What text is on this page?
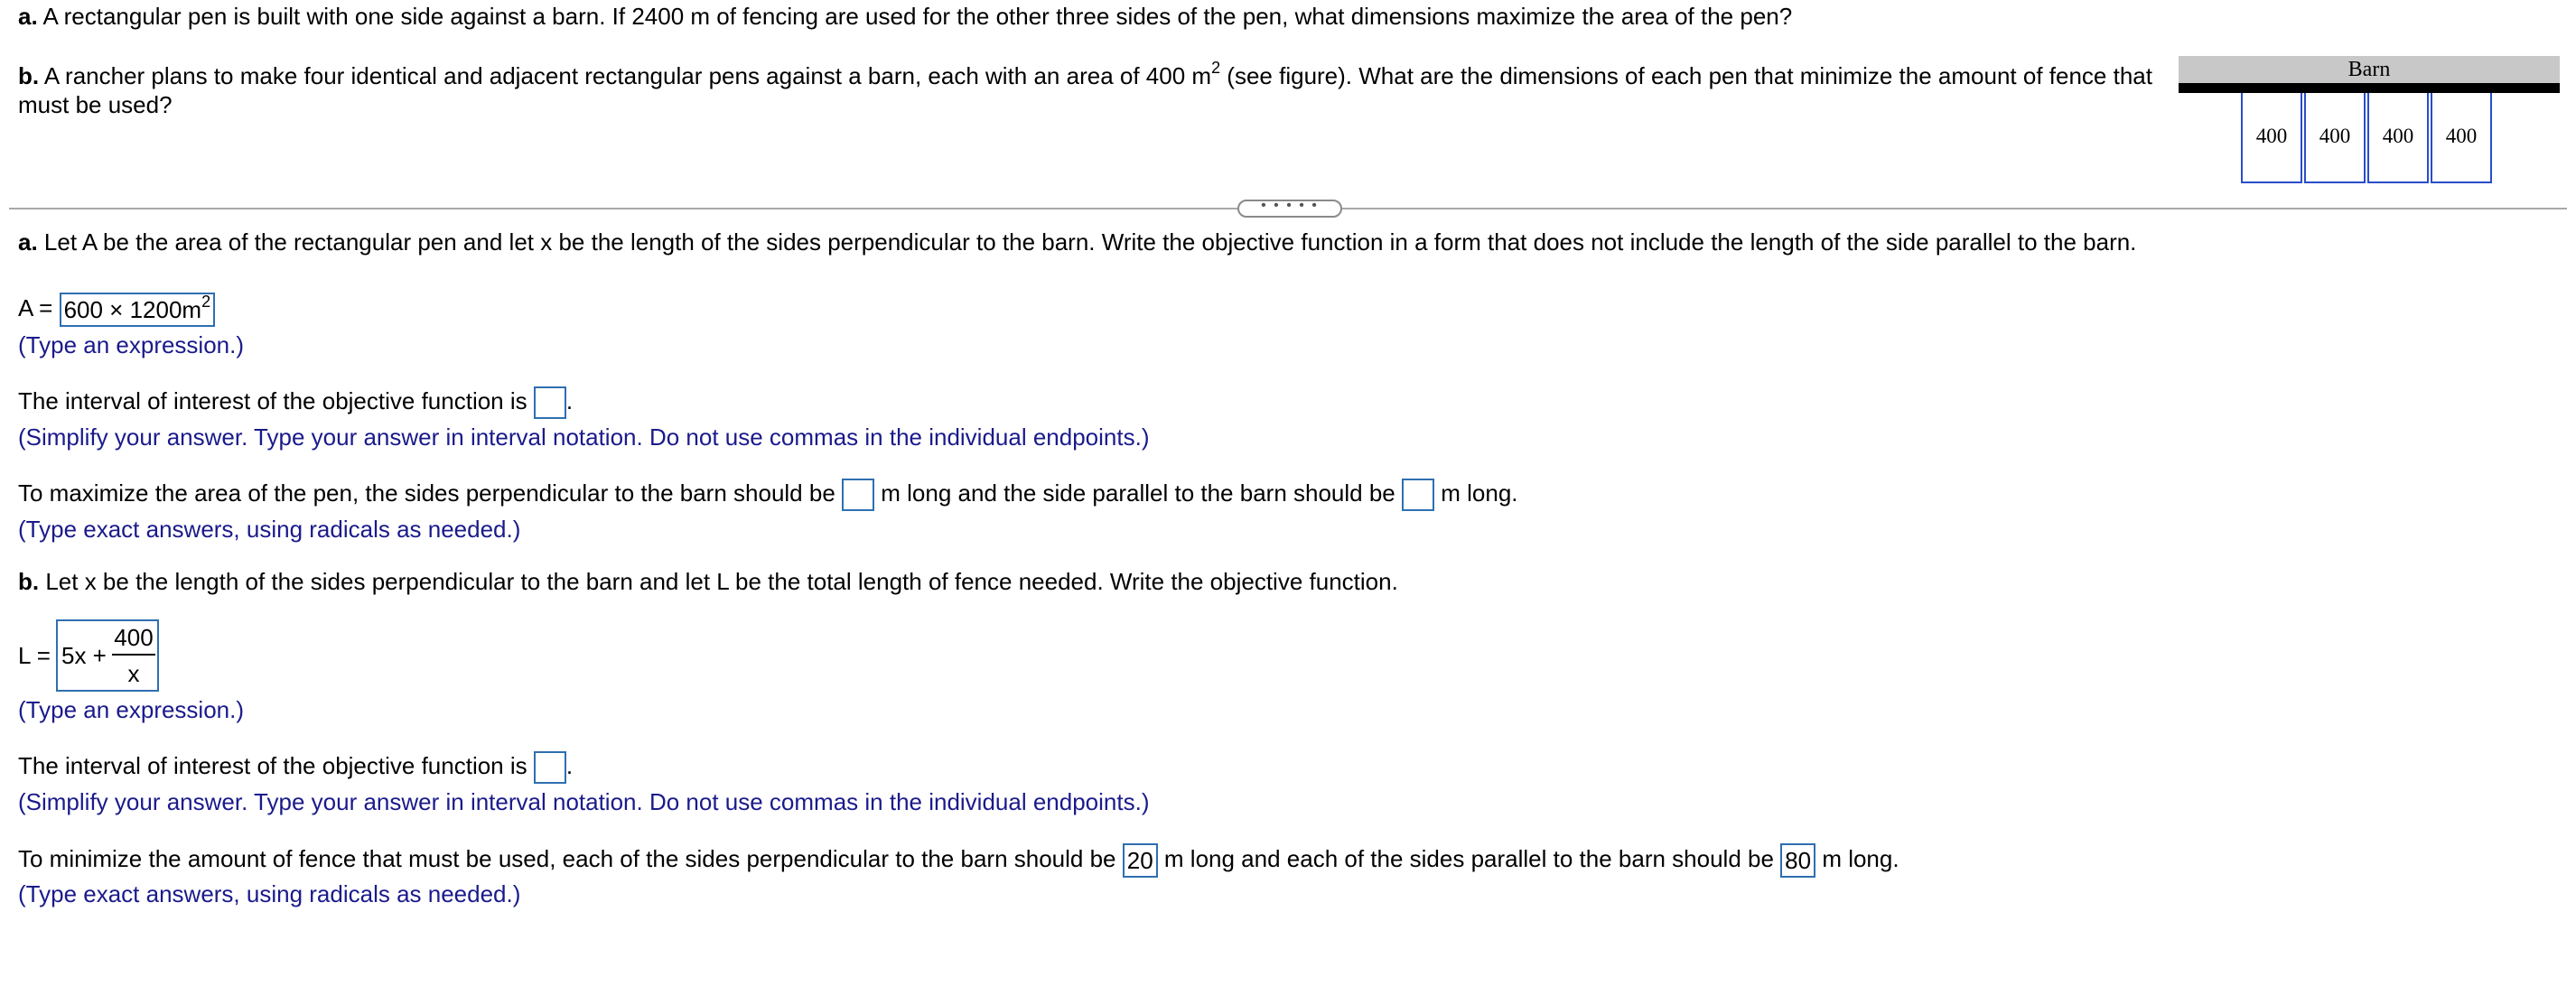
a. A rectangular pen is built with one side against a barn. If 2400 m of fencing are used for the other three sides of the pen, what dimensions maximize the area of the pen?
b. A rancher plans to make four identical and adjacent rectangular pens against a barn, each with an area of 400 $m^2$ (see figure). What are the dimensions of each pen that minimize the amount of fence that
must be used?
Barn
400	400	400	400
• • • • •
a. Let A be the area of the rectangular pen and let x be the length of the sides perpendicular to the barn. Write the objective function in a form that does not include the length of the side parallel to the barn.
$A = 600 \times 1200m^2$
(Type an expression.)
The interval of interest of the objective function is .
(Simplify your answer. Type your answer in interval notation. Do not use commas in the individual endpoints.)
To maximize the area of the pen, the sides perpendicular to the barn should be m long and the side parallel to the barn should be m long.
(Type exact answers, using radicals as needed.)
b. Let x be the length of the sides perpendicular to the barn and let L be the total length of fence needed. Write the objective function.
L = 5x +
400
x
(Type an expression.)
The interval of interest of the objective function is .
(Simplify your answer. Type your answer in interval notation. Do not use commas in the individual endpoints.)
To minimize the amount of fence that must be used, each of the sides perpendicular to the barn should be 20 m long and each of the sides parallel to the barn should be 80 m long.
(Type exact answers, using radicals as needed.)
